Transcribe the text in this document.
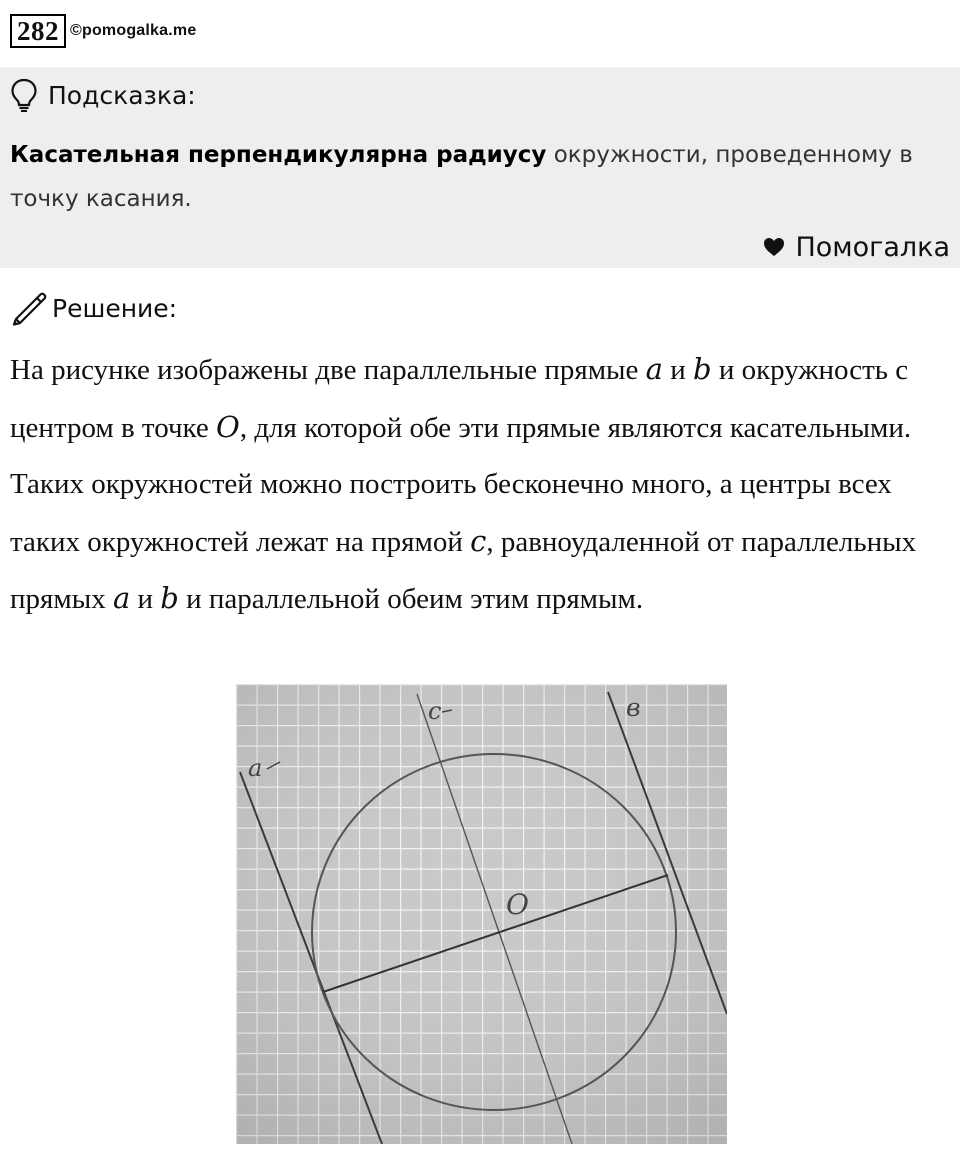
282 ©pomogalka.me
Подсказка:
Касательная перпендикулярна радиусу окружности, проведенному в точку касания.
Помогалка
Решение:
На рисунке изображены две параллельные прямые a и b и окружность с центром в точке O, для которой обе эти прямые являются касательными. Таких окружностей можно построить бесконечно много, а центры всех таких окружностей лежат на прямой c, равноудаленной от параллельных прямых a и b и параллельной обеим этим прямым.
a
c	в
O
